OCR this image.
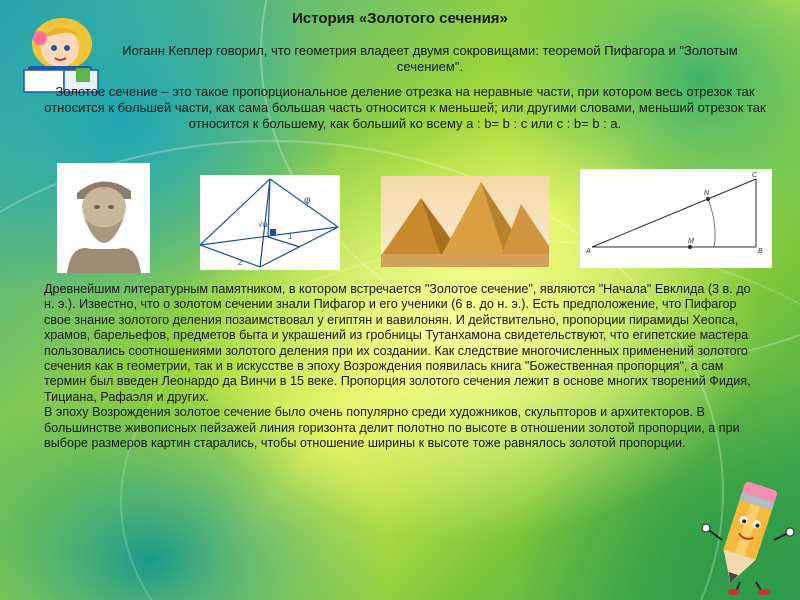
История «Золотого сечения»
Иоганн Кеплер говорил, что геометрия владеет двумя сокровищами: теоремой Пифагора и "Золотым сечением".
Золотое сечение – это такое пропорциональное деление отрезка на неравные части, при котором весь отрезок так относится к большей части, как сама большая часть относится к меньшей; или другими словами, меньший отрезок так относится к большему, как больший ко всему a : b= b : c или с : b= b : a.
φ
√φ
1
2
A	B
C
M
N

Древнейшим литературным памятником, в котором встречается "Золотое сечение", являются "Начала" Евклида (3 в. до н. э.). Известно, что о золотом сечении знали Пифагор и его ученики (6 в. до н. э.). Есть предположение, что Пифагор свое знание золотого деления позаимствовал у египтян и вавилонян. И действительно, пропорции пирамиды Хеопса, храмов, барельефов, предметов быта и украшений из гробницы Тутанхамона свидетельствуют, что египетские мастера пользовались соотношениями золотого деления при их создании. Как следствие многочисленных применений золотого сечения как в геометрии, так и в искусстве в эпоху Возрождения появилась книга "Божественная пропорция", а сам термин был введен Леонардо да Винчи в 15 веке. Пропорция золотого сечения лежит в основе многих творений Фидия, Тициана, Рафаэля и других.

В эпоху Возрождения золотое сечение было очень популярно среди художников, скульпторов и архитекторов. В большинстве живописных пейзажей линия горизонта делит полотно по высоте в отношении золотой пропорции, а при выборе размеров картин старались, чтобы отношение ширины к высоте тоже равнялось золотой пропорции.
